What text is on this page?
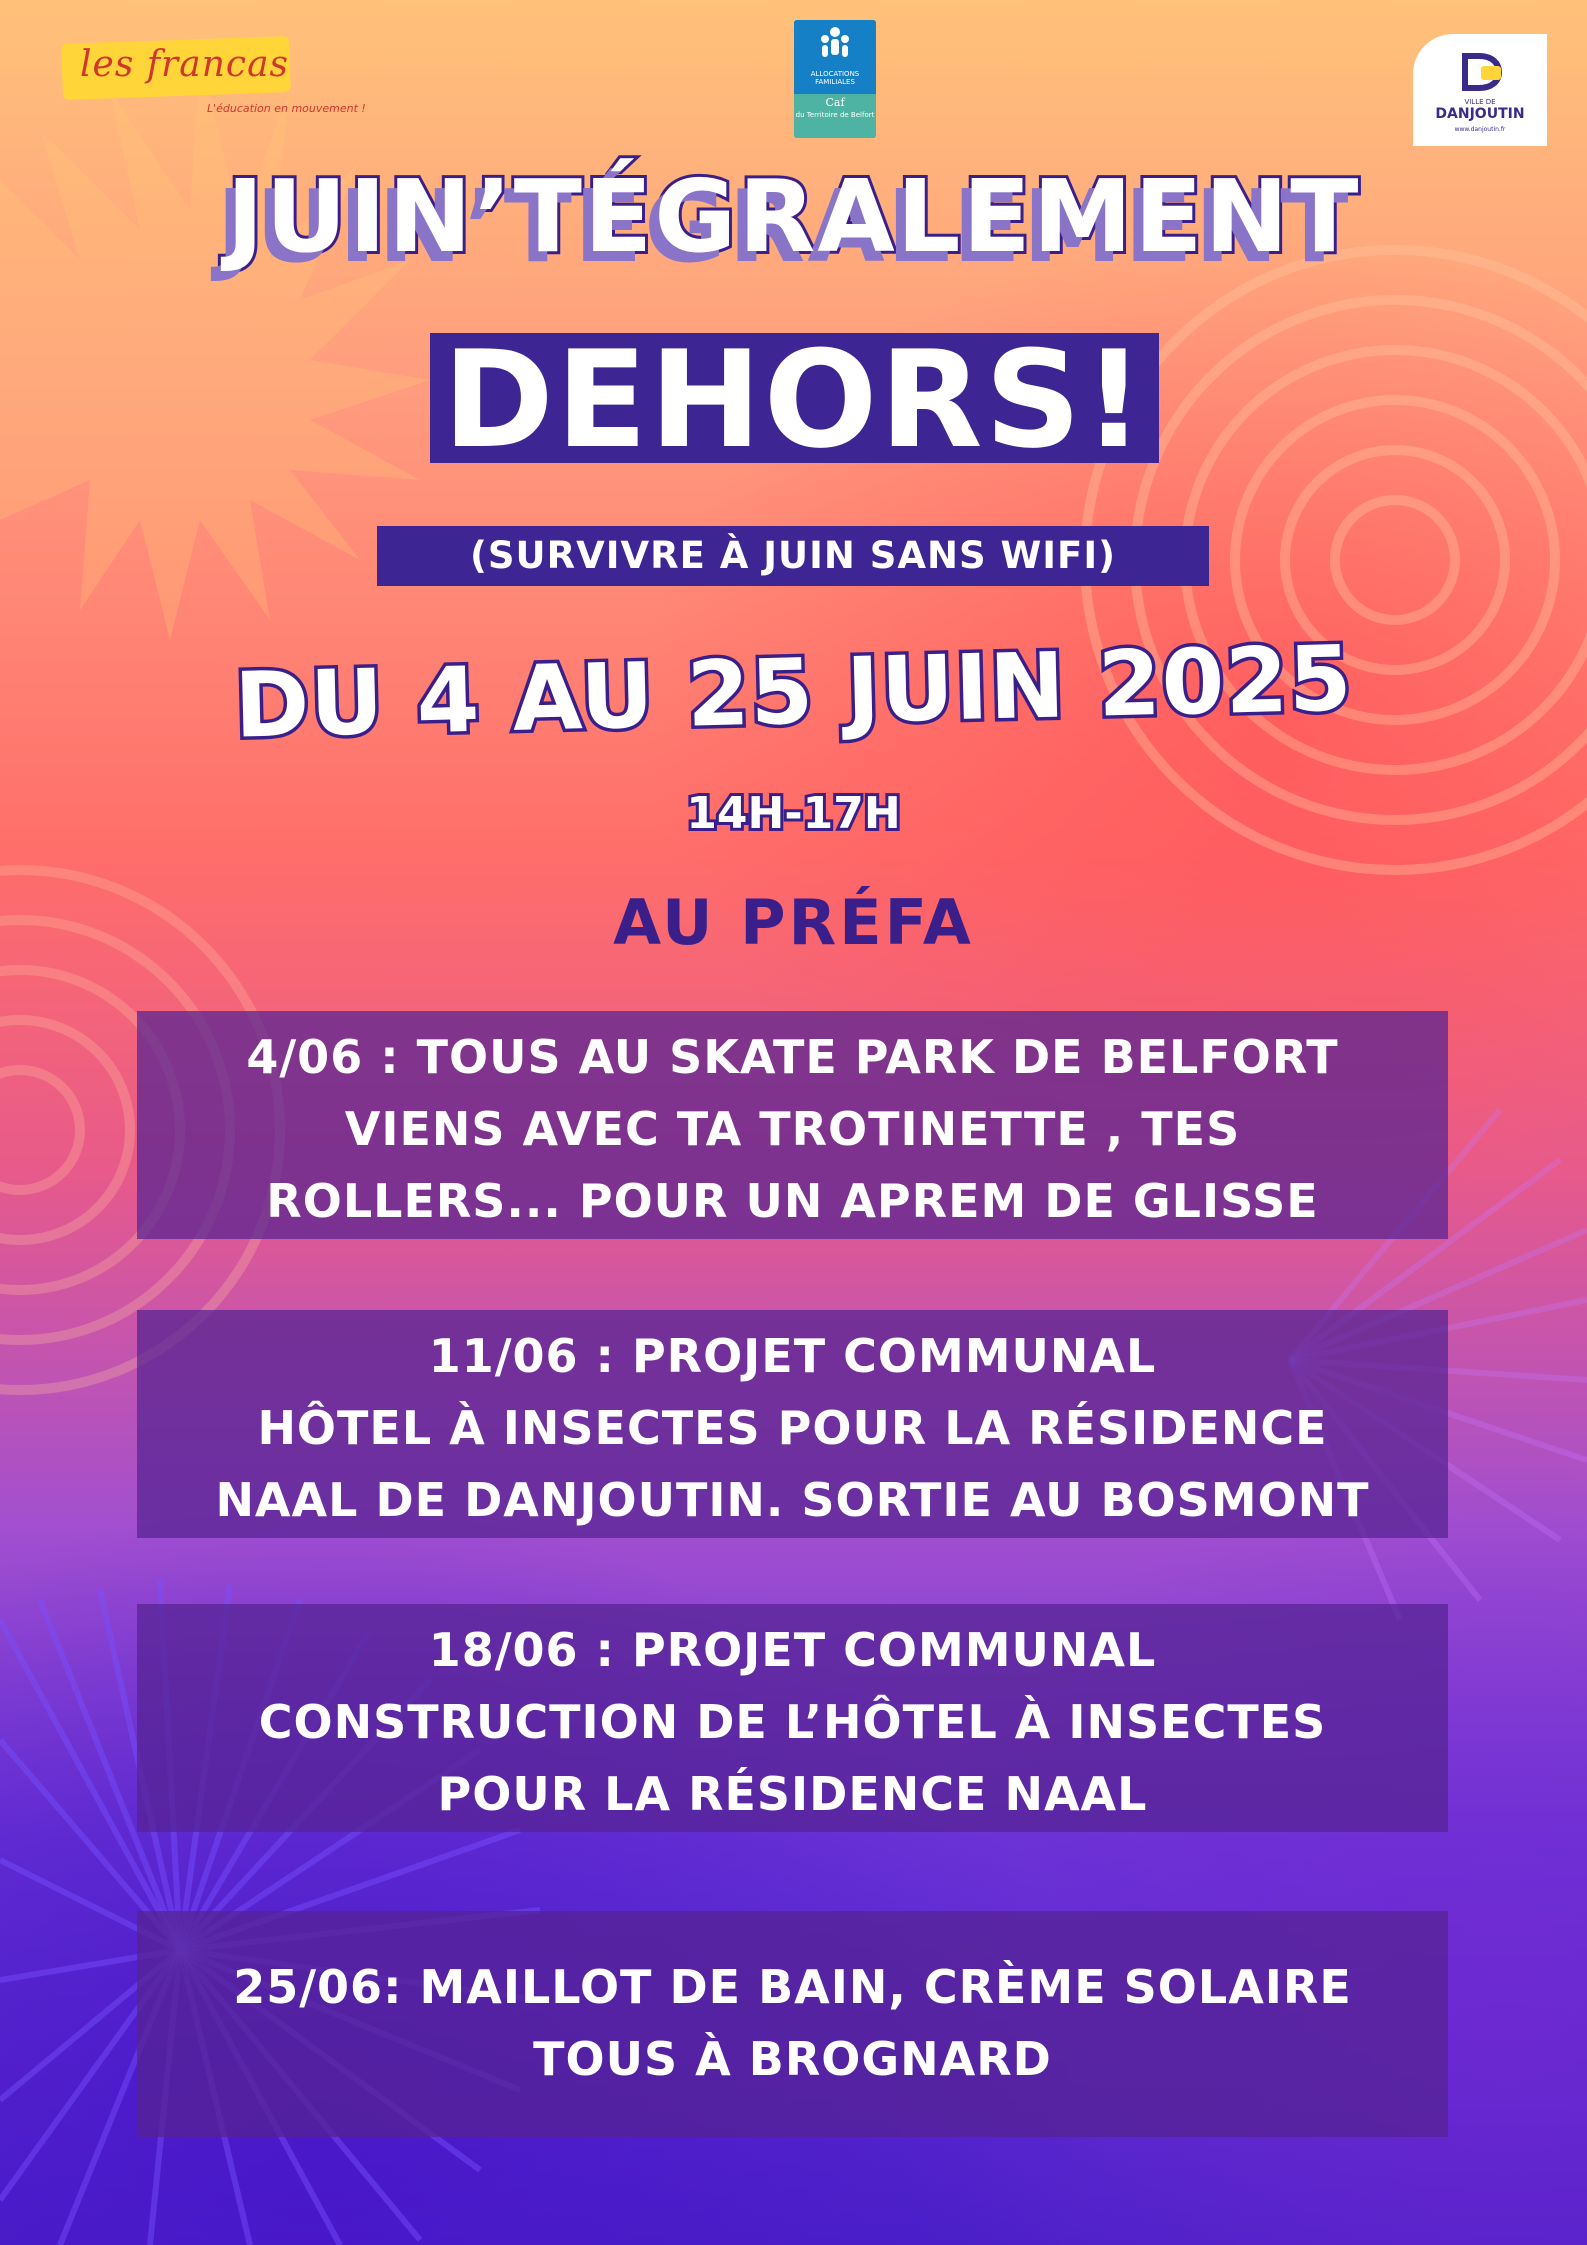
les francas
L'éducation en mouvement !
ALLOCATIONS FAMILIALES
Caf
du Territoire de Belfort
VILLE DE
DANJOUTIN
www.danjoutin.fr
JUIN’TÉGRALEMENT
DEHORS!
(SURVIVRE À JUIN SANS WIFI)
DU 4 AU 25 JUIN 2025
14H-17H
AU PRÉFA
4/06 : TOUS AU SKATE PARK DE BELFORT
VIENS AVEC TA TROTINETTE , TES
ROLLERS... POUR UN APREM DE GLISSE
11/06 : PROJET COMMUNAL
HÔTEL À INSECTES POUR LA RÉSIDENCE
NAAL DE DANJOUTIN. SORTIE AU BOSMONT
18/06 : PROJET COMMUNAL
CONSTRUCTION DE L’HÔTEL À INSECTES
POUR LA RÉSIDENCE NAAL
25/06: MAILLOT DE BAIN, CRÈME SOLAIRE
TOUS À BROGNARD
